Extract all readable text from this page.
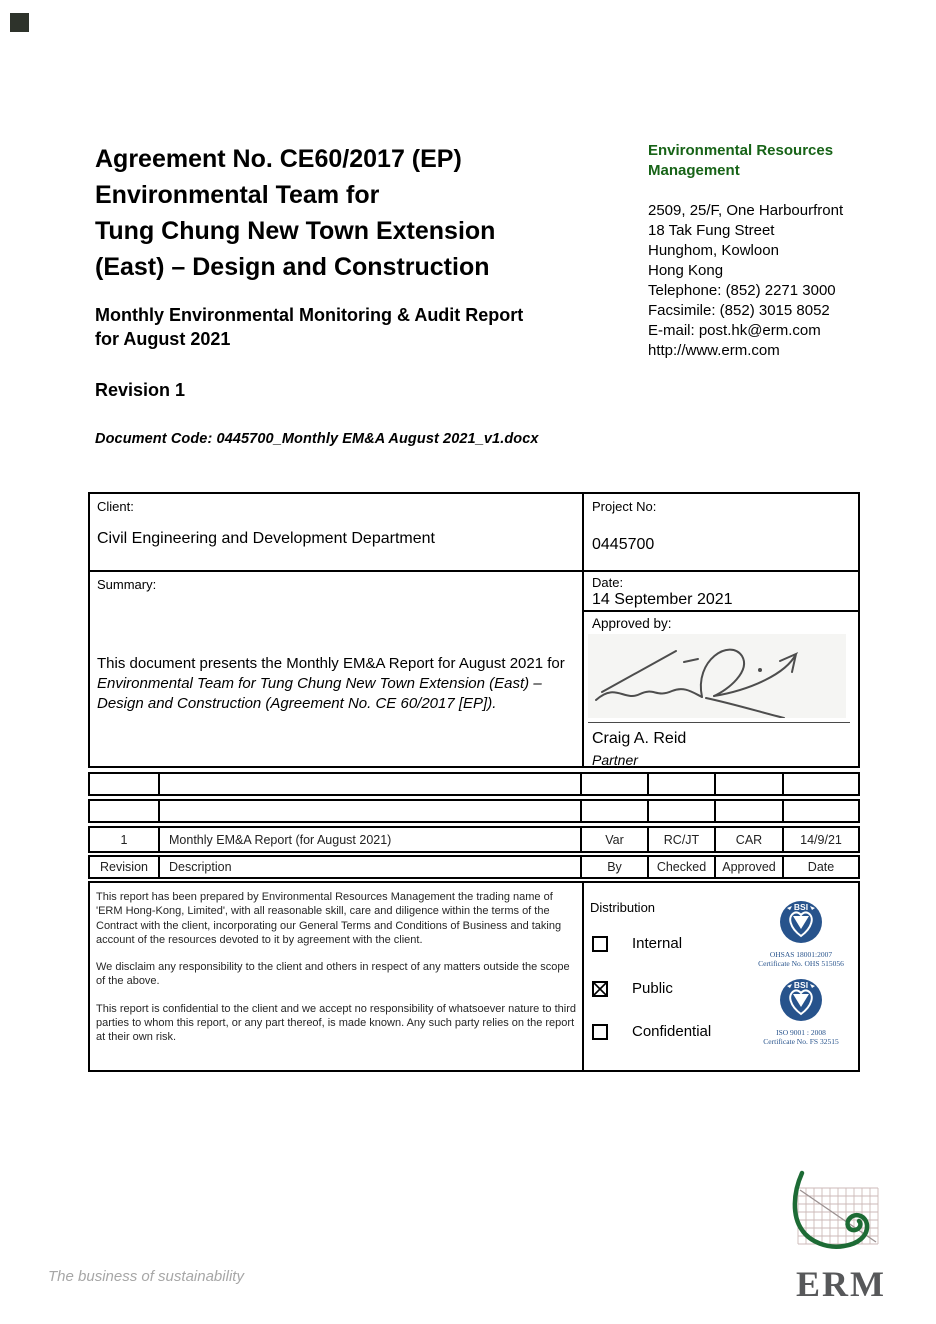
Agreement No. CE60/2017 (EP)
Environmental Team for
Tung Chung New Town Extension
(East) – Design and Construction
Environmental Resources
Management
2509, 25/F, One Harbourfront
18 Tak Fung Street
Hunghom, Kowloon
Hong Kong
Telephone: (852) 2271 3000
Facsimile: (852) 3015 8052
E-mail: post.hk@erm.com
http://www.erm.com
Monthly Environmental Monitoring & Audit Report
for August 2021
Revision 1
Document Code: 0445700_Monthly EM&A August 2021_v1.docx
Client:
Civil Engineering and Development Department
Project No:
0445700
Summary:
This document presents the Monthly EM&A Report for August 2021 for Environmental Team for Tung Chung New Town Extension (East) – Design and Construction (Agreement No. CE 60/2017 [EP]).
Date:
14 September 2021
Approved by:
Craig A. Reid
Partner
1	Monthly EM&A Report (for August 2021)	Var	RC/JT	CAR	14/9/21
Revision	Description	By	Checked	Approved	Date

This report has been prepared by Environmental Resources Management the trading name of 'ERM Hong-Kong, Limited', with all reasonable skill, care and diligence within the terms of the Contract with the client, incorporating our General Terms and Conditions of Business and taking account of the resources devoted to it by agreement with the client.

We disclaim any responsibility to the client and others in respect of any matters outside the scope of the above.

This report is confidential to the client and we accept no responsibility of whatsoever nature to third parties to whom this report, or any part thereof, is made known. Any such party relies on the report at their own risk.

Distribution
Internal
Public
Confidential
BSI
OHSAS 18001:2007
Certificate No. OHS 515056
BSI
ISO 9001 : 2008
Certificate No. FS 32515
ERM
The business of sustainability
